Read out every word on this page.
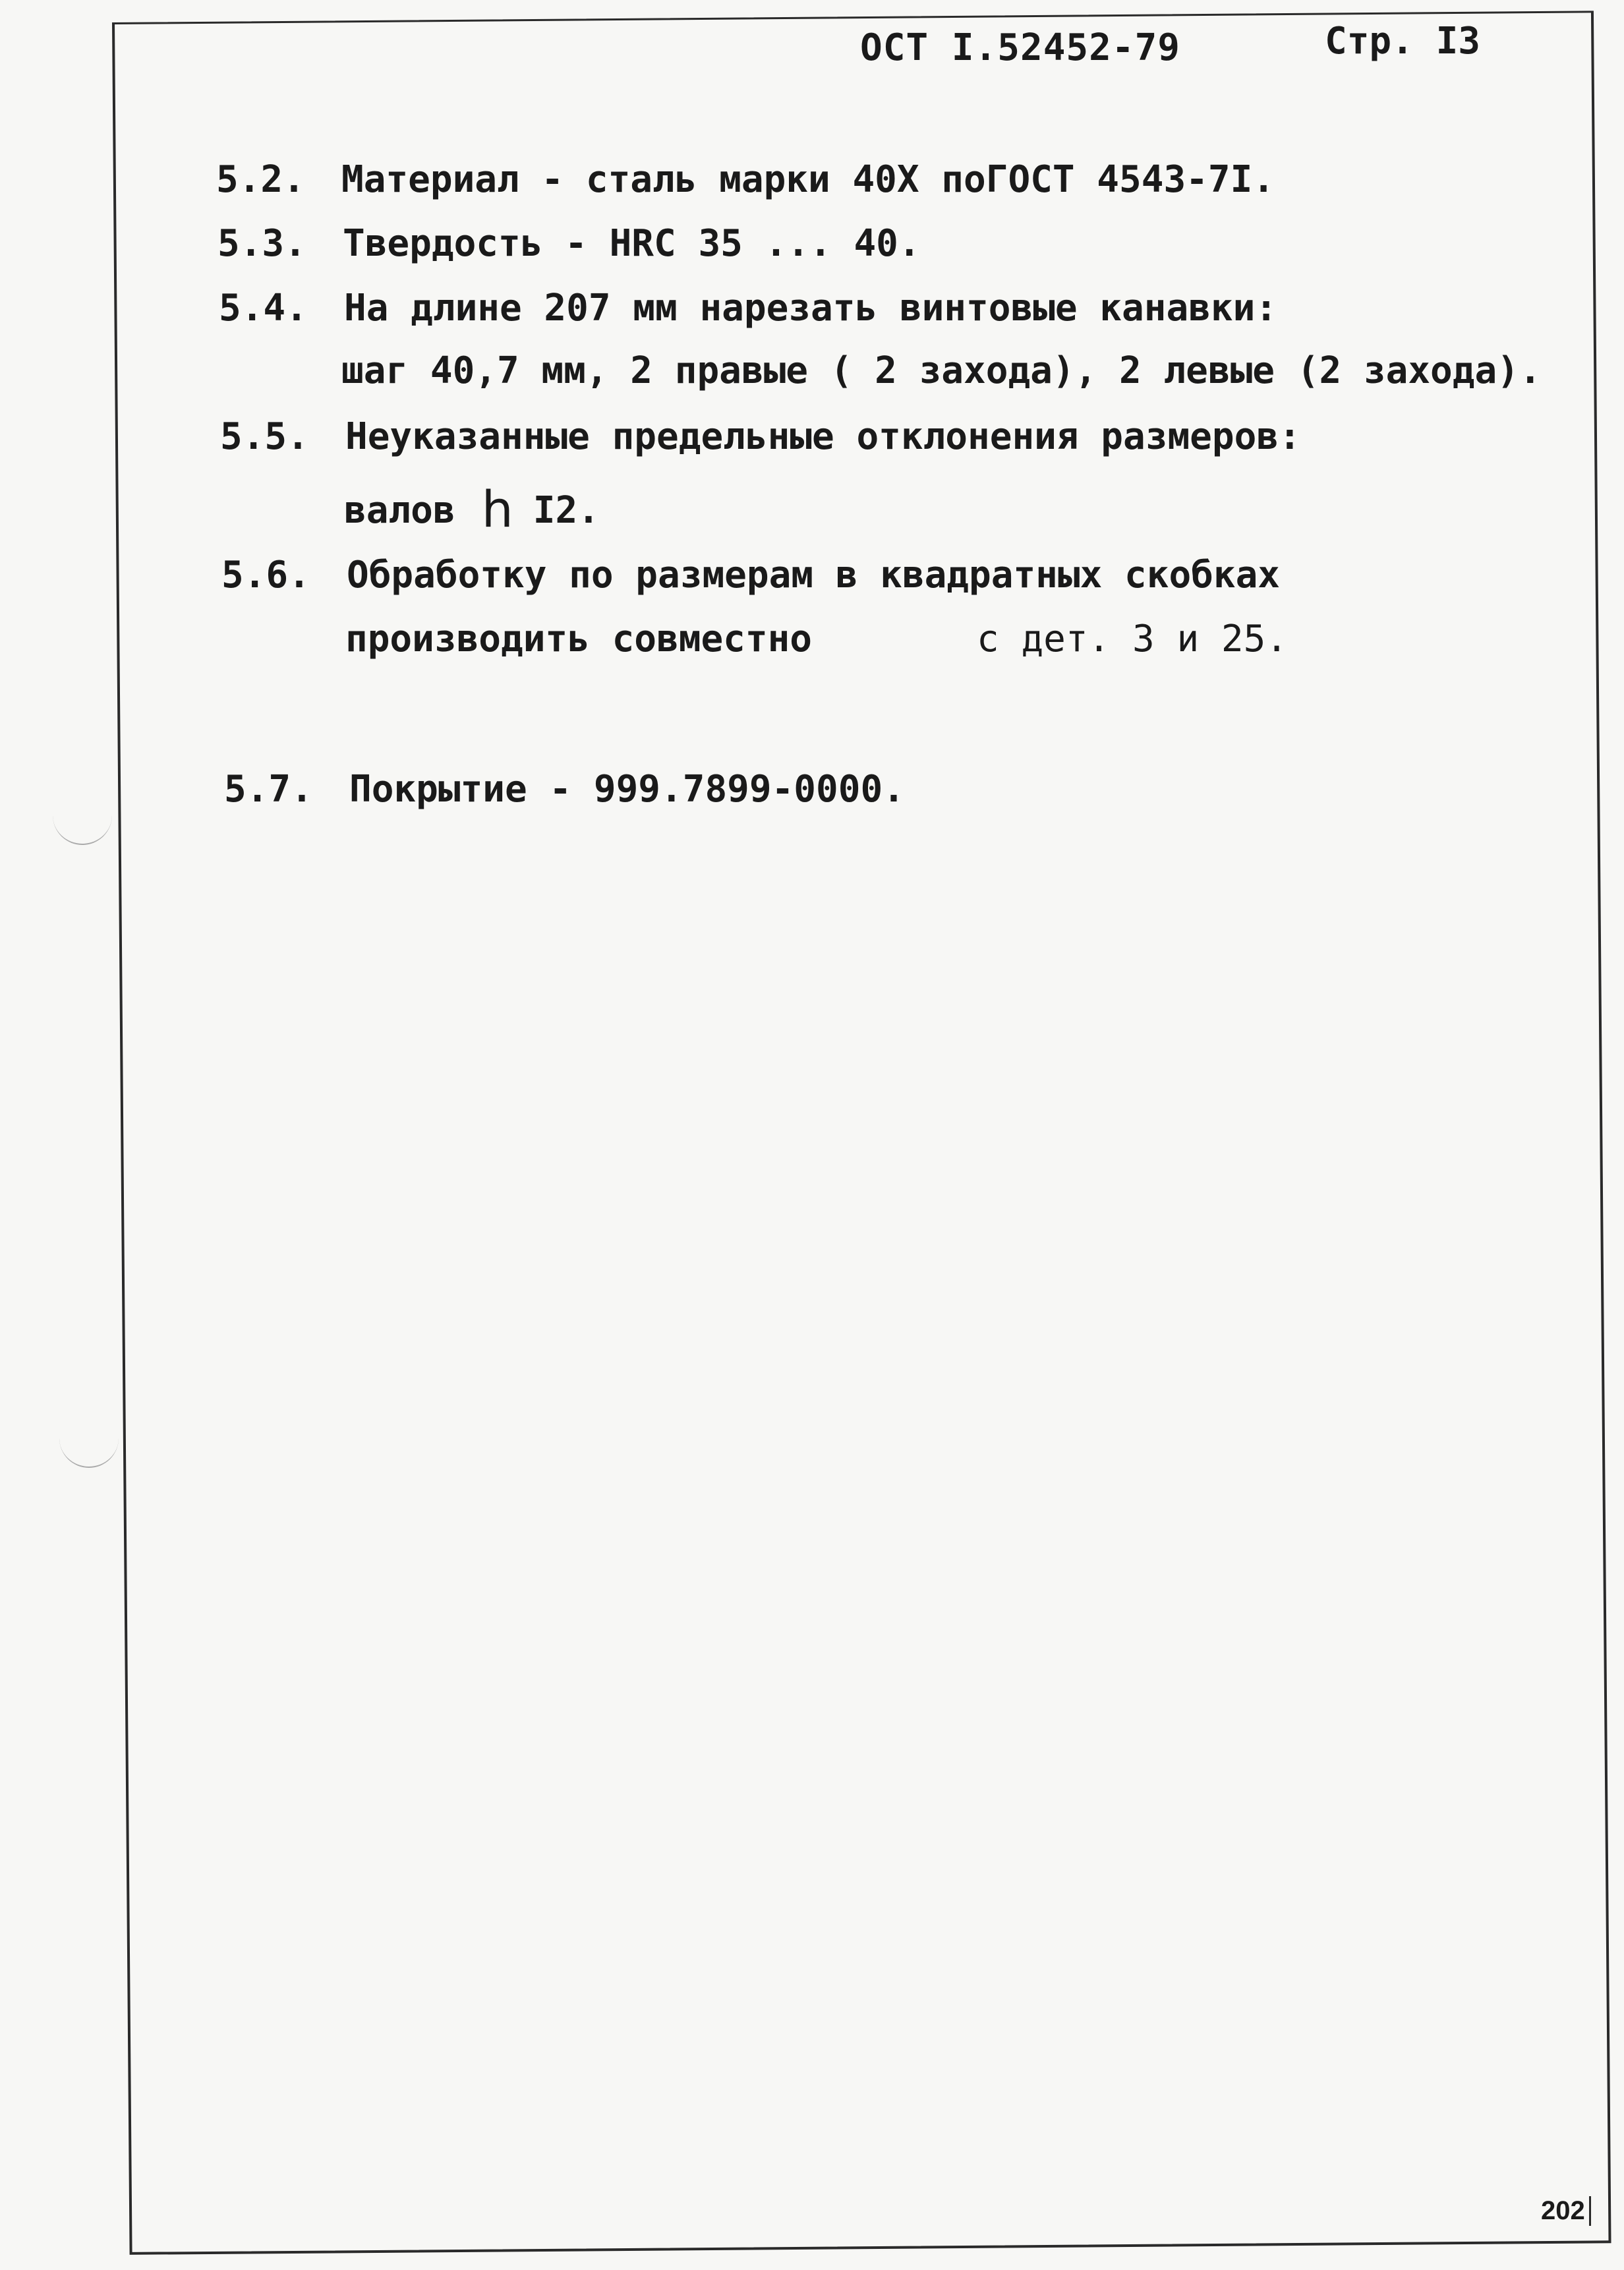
ОСТ I.52452-79	Стр. I3
5.2. Материал - сталь марки 40Х поГОСТ 4543-7I.
5.3. Твердость - HRC 35 ... 40.
5.4. На длине 207 мм нарезать винтовые канавки:
шаг 40,7 мм, 2 правые ( 2 захода), 2 левые (2 захода).
5.5. Неуказанные предельные отклонения размеров:
валов h I2.
5.6. Обработку по размерам в квадратных скобках
производить совместно	с дет. 3 и 25.
5.7. Покрытие - 999.7899-0000.
202
